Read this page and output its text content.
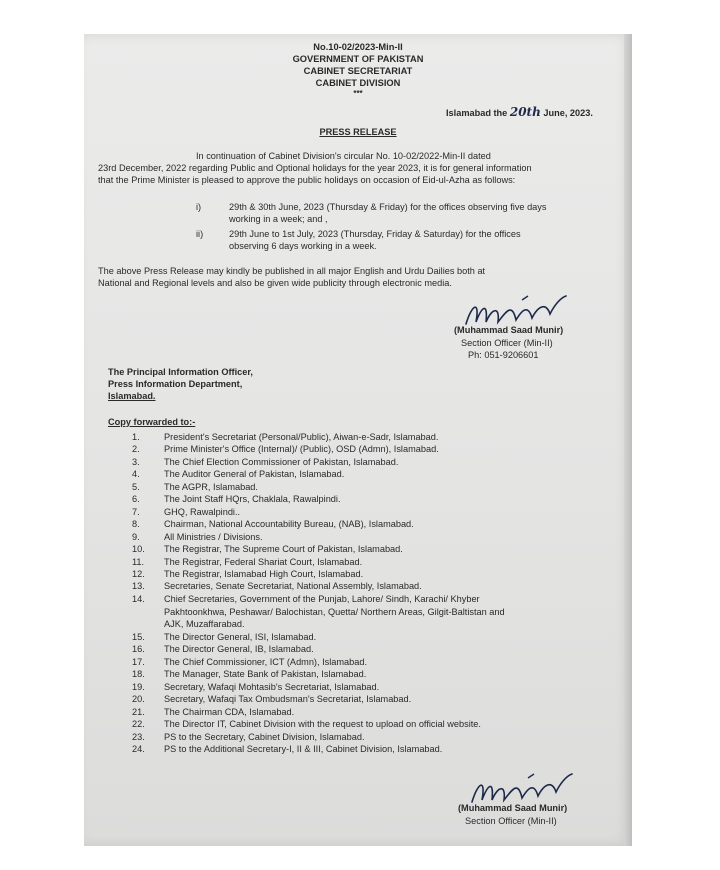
No.10-02/2023-Min-II

GOVERNMENT OF PAKISTAN

CABINET SECRETARIAT

CABINET DIVISION

***

Islamabad the 20th June, 2023.

PRESS RELEASE

In continuation of Cabinet Division's circular No. 10-02/2022-Min-II dated

23rd December, 2022 regarding Public and Optional holidays for the year 2023, it is for general information

that the Prime Minister is pleased to approve the public holidays on occasion of Eid-ul-Azha as follows:

i)	29th & 30th June, 2023 (Thursday & Friday) for the offices observing five days

working in a week; and ,

ii)	29th June to 1st July, 2023 (Thursday, Friday & Saturday) for the offices

observing 6 days working in a week.

The above Press Release may kindly be published in all major English and Urdu Dailies both at

National and Regional levels and also be given wide publicity through electronic media.

(Muhammad Saad Munir)

Section Officer (Min-II)

Ph: 051-9206601

The Principal Information Officer,

Press Information Department,

Islamabad.

Copy forwarded to:-

1.	President's Secretariat (Personal/Public), Aiwan-e-Sadr, Islamabad.
2.	Prime Minister's Office (Internal)/ (Public), OSD (Admn), Islamabad.
3.	The Chief Election Commissioner of Pakistan, Islamabad.
4.	The Auditor General of Pakistan, Islamabad.
5.	The AGPR, Islamabad.
6.	The Joint Staff HQrs, Chaklala, Rawalpindi.
7.	GHQ, Rawalpindi..
8.	Chairman, National Accountability Bureau, (NAB), Islamabad.
9.	All Ministries / Divisions.
10.	The Registrar, The Supreme Court of Pakistan, Islamabad.
11.	The Registrar, Federal Shariat Court, Islamabad.
12.	The Registrar, Islamabad High Court, Islamabad.
13.	Secretaries, Senate Secretariat, National Assembly, Islamabad.
14.	Chief Secretaries, Government of the Punjab, Lahore/ Sindh, Karachi/ Khyber
Pakhtoonkhwa, Peshawar/ Balochistan, Quetta/ Northern Areas, Gilgit-Baltistan and
AJK, Muzaffarabad.
15.	The Director General, ISI, Islamabad.
16.	The Director General, IB, Islamabad.
17.	The Chief Commissioner, ICT (Admn), Islamabad.
18.	The Manager, State Bank of Pakistan, Islamabad.
19.	Secretary, Wafaqi Mohtasib's Secretariat, Islamabad.
20.	Secretary, Wafaqi Tax Ombudsman's Secretariat, Islamabad.
21.	The Chairman CDA, Islamabad.
22.	The Director IT, Cabinet Division with the request to upload on official website.
23.	PS to the Secretary, Cabinet Division, Islamabad.
24.	PS to the Additional Secretary-I, II & III, Cabinet Division, Islamabad.

(Muhammad Saad Munir)

Section Officer (Min-II)
